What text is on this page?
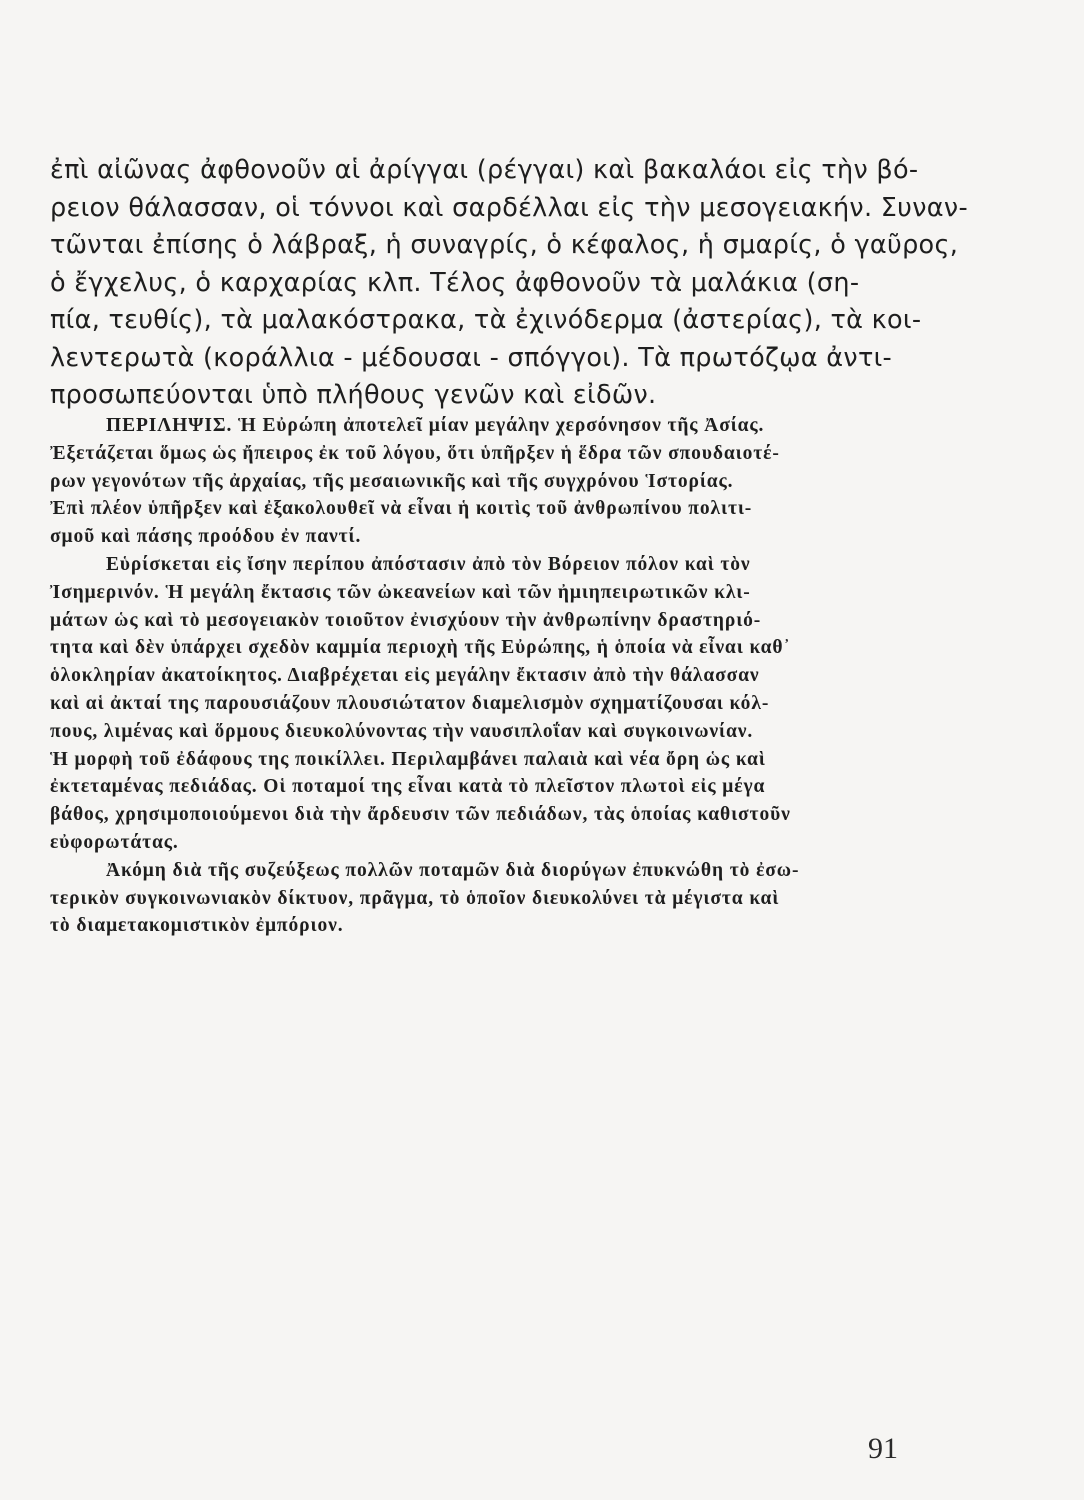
ἐπὶ αἰῶνας ἀφθονοῦν αἱ ἀρίγγαι (ρέγγαι) καὶ βακαλάοι εἰς τὴν βό-
ρειον θάλασσαν, οἱ τόννοι καὶ σαρδέλλαι εἰς τὴν μεσογειακήν. Συναν-
τῶνται ἐπίσης ὁ λάβραξ, ἡ συναγρίς, ὁ κέφαλος, ἡ σμαρίς, ὁ γαῦρος,
ὁ ἔγχελυς, ὁ καρχαρίας κλπ. Τέλος ἀφθονοῦν τὰ μαλάκια (ση-
πία, τευθίς), τὰ μαλακόστρακα, τὰ ἐχινόδερμα (ἀστερίας), τὰ κοι-
λεντερωτὰ (κοράλλια - μέδουσαι - σπόγγοι). Τὰ πρωτόζῳα ἀντι-
προσωπεύονται ὑπὸ πλήθους γενῶν καὶ εἰδῶν.
ΠΕΡΙΛΗΨΙΣ. Ἡ Εὐρώπη ἀποτελεῖ μίαν μεγάλην χερσόνησον τῆς Ἀσίας.
Ἐξετάζεται ὅμως ὡς ἤπειρος ἐκ τοῦ λόγου, ὅτι ὑπῆρξεν ἡ ἕδρα τῶν σπουδαιοτέ-
ρων γεγονότων τῆς ἀρχαίας, τῆς μεσαιωνικῆς καὶ τῆς συγχρόνου Ἱστορίας.
Ἐπὶ πλέον ὑπῆρξεν καὶ ἐξακολουθεῖ νὰ εἶναι ἡ κοιτὶς τοῦ ἀνθρωπίνου πολιτι-
σμοῦ καὶ πάσης προόδου ἐν παντί.
Εὑρίσκεται εἰς ἴσην περίπου ἀπόστασιν ἀπὸ τὸν Βόρειον πόλον καὶ τὸν
Ἰσημερινόν. Ἡ μεγάλη ἔκτασις τῶν ὠκεανείων καὶ τῶν ἠμιηπειρωτικῶν κλι-
μάτων ὡς καὶ τὸ μεσογειακὸν τοιοῦτον ἐνισχύουν τὴν ἀνθρωπίνην δραστηριό-
τητα καὶ δὲν ὑπάρχει σχεδὸν καμμία περιοχὴ τῆς Εὐρώπης, ἡ ὁποία νὰ εἶναι καθ᾽
ὁλοκληρίαν ἀκατοίκητος. Διαβρέχεται εἰς μεγάλην ἔκτασιν ἀπὸ τὴν θάλασσαν
καὶ αἱ ἀκταί της παρουσιάζουν πλουσιώτατον διαμελισμὸν σχηματίζουσαι κόλ-
πους, λιμένας καὶ ὅρμους διευκολύνοντας τὴν ναυσιπλοΐαν καὶ συγκοινωνίαν.
Ἡ μορφὴ τοῦ ἐδάφους της ποικίλλει. Περιλαμβάνει παλαιὰ καὶ νέα ὄρη ὡς καὶ
ἐκτεταμένας πεδιάδας. Οἱ ποταμοί της εἶναι κατὰ τὸ πλεῖστον πλωτοὶ εἰς μέγα
βάθος, χρησιμοποιούμενοι διὰ τὴν ἄρδευσιν τῶν πεδιάδων, τὰς ὁποίας καθιστοῦν
εὐφορωτάτας.
Ἀκόμη διὰ τῆς συζεύξεως πολλῶν ποταμῶν διὰ διορύγων ἐπυκνώθη τὸ ἐσω-
τερικὸν συγκοινωνιακὸν δίκτυον, πρᾶγμα, τὸ ὁποῖον διευκολύνει τὰ μέγιστα καὶ
τὸ διαμετακομιστικὸν ἐμπόριον.
91
